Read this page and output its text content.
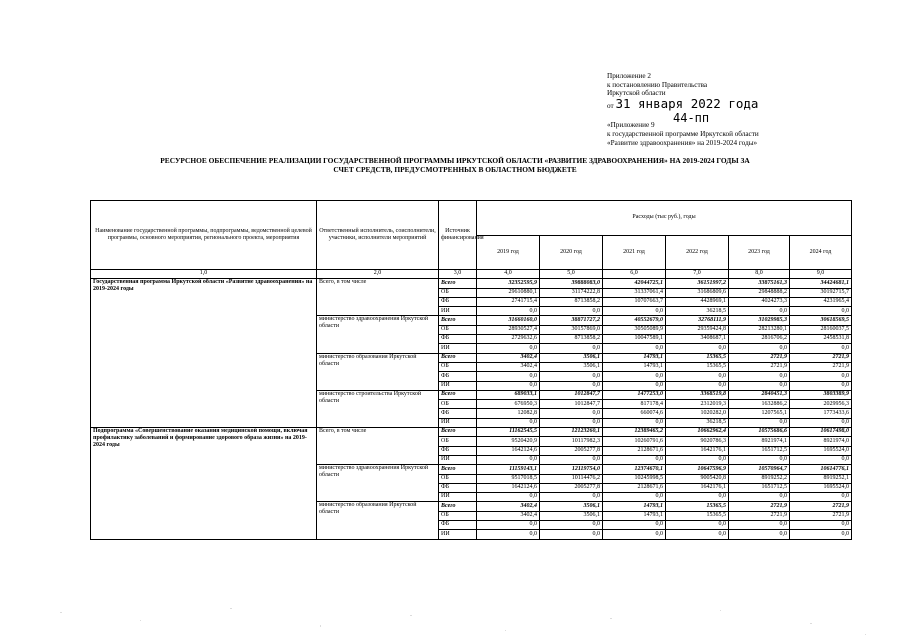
Приложение 2
к постановлению Правительства
Иркутской области
от 31 января 2022 года
44-пп
«Приложение 9
к государственной программе Иркутской области
«Развитие здравоохранения» на 2019-2024 годы»
РЕСУРСНОЕ ОБЕСПЕЧЕНИЕ РЕАЛИЗАЦИИ ГОСУДАРСТВЕННОЙ ПРОГРАММЫ ИРКУТСКОЙ ОБЛАСТИ «РАЗВИТИЕ ЗДРАВООХРАНЕНИЯ» НА 2019-2024 ГОДЫ ЗА
СЧЕТ СРЕДСТВ, ПРЕДУСМОТРЕННЫХ В ОБЛАСТНОМ БЮДЖЕТЕ
Наименование государственной программы, подпрограммы, ведомственной целевой программы, основного мероприятия, регионального проекта, мероприятия	Ответственный исполнитель, соисполнители, участники, исполнители мероприятий	Источник финансирования	Расходы (тыс руб.), годы					
			2019 год	2020 год	2021 год	2022 год	2023 год	2024 год
1,0	2,0	3,0	4,0	5,0	6,0	7,0	8,0	9,0
Государственная программа Иркутской области «Развитие здравоохранения» на 2019-2024 годы	Всего, в том числе	Всего	32352595,9	39888083,0	42044725,1	36151997,2	33875161,3	34424681,1
		ОБ	29610880,1	31174222,8	31337061,4	31686809,6	29848888,2	30192715,7
		ФБ	2741715,4	8713858,2	10707663,7	4428969,1	4024273,3	4231965,4
		ИИ	0,0	0,0	0,0	36218,5	0,0	0,0
	министерство здравоохранения Иркутской области	Всего	31660160,0	38871727,2	40552679,0	32768111,9	31029985,3	30618569,5
		ОБ	28930527,4	30157869,0	30505089,9	29359424,8	28213280,1	28160037,5
		ФБ	2729632,6	8713858,2	10047589,1	3408687,1	2816706,2	2458531,8
		ИИ	0,0	0,0	0,0	0,0	0,0	0,0
	министерство образования Иркутской области	Всего	3402,4	3506,1	14793,1	15365,5	2721,9	2721,9
		ОБ	3402,4	3506,1	14793,1	15365,5	2721,9	2721,9
		ФБ	0,0	0,0	0,0	0,0	0,0	0,0
		ИИ	0,0	0,0	0,0	0,0	0,0	0,0
	министерство строительства Иркутской области	Всего	689033,1	1012847,7	1477253,0	3368519,8	2840451,3	3803389,9
		ОБ	676950,3	1012847,7	817178,4	2312019,3	1632886,2	2029956,3
		ФБ	12082,8	0,0	660074,6	1020282,0	1207565,1	1773433,6
		ИИ	0,0	0,0	0,0	36218,5	0,0	0,0
Подпрограмма «Совершенствование оказания медицинской помощи, включая профилактику заболеваний и формирование здорового образа жизни» на 2019-2024 годы	Всего, в том числе	Всего	11162545,5	12123260,1	12389465,2	10662962,4	10575686,6	10617498,0
		ОБ	9520420,9	10117982,3	10260791,6	9020786,3	8921974,1	8921974,0
		ФБ	1642124,6	2005277,8	2128671,6	1642176,1	1651712,5	1695524,0
		ИИ	0,0	0,0	0,0	0,0	0,0	0,0
	министерство здравоохранения Иркутской области	Всего	11159143,1	12119754,0	12374670,1	10647596,9	10570964,7	10614776,1
		ОБ	9517018,5	10114476,2	10245998,5	9005420,8	8919252,2	8919252,1
		ФБ	1642124,6	2005277,8	2128671,6	1642176,1	1651712,5	1695524,0
		ИИ	0,0	0,0	0,0	0,0	0,0	0,0
	министерство образования Иркутской области	Всего	3402,4	3506,1	14793,1	15365,5	2721,9	2721,9
		ОБ	3402,4	3506,1	14793,1	15365,5	2721,9	2721,9
		ФБ	0,0	0,0	0,0	0,0	0,0	0,0
		ИИ	0,0	0,0	0,0	0,0	0,0	0,0
